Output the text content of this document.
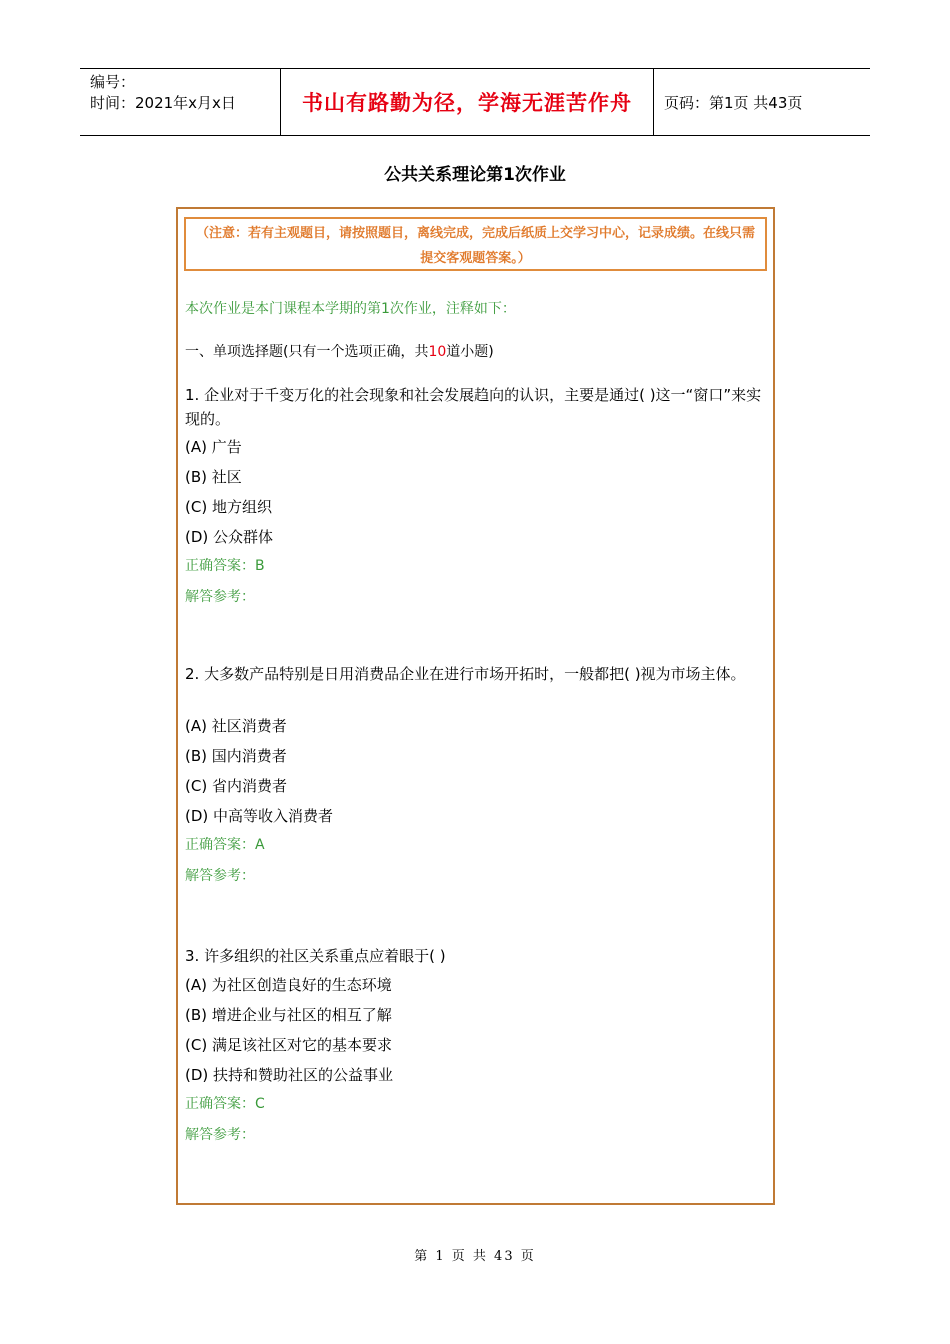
编号：
时间：2021年x月x日	书山有路勤为径，学海无涯苦作舟 页码：第1页 共43页
公共关系理论第1次作业
（注意：若有主观题目，请按照题目，离线完成，完成后纸质上交学习中心，记录成绩。在线只需提交客观题答案。）
本次作业是本门课程本学期的第1次作业，注释如下：
一、单项选择题(只有一个选项正确，共10道小题)
1. 企业对于千变万化的社会现象和社会发展趋向的认识，主要是通过( )这一“窗口”来实现的。
(A) 广告
(B) 社区
(C) 地方组织
(D) 公众群体
正确答案：B
解答参考：
2. 大多数产品特别是日用消费品企业在进行市场开拓时，一般都把( )视为市场主体。
(A) 社区消费者
(B) 国内消费者
(C) 省内消费者
(D) 中高等收入消费者
正确答案：A
解答参考：
3. 许多组织的社区关系重点应着眼于( )
(A) 为社区创造良好的生态环境
(B) 增进企业与社区的相互了解
(C) 满足该社区对它的基本要求
(D) 扶持和赞助社区的公益事业
正确答案：C
解答参考：
第 1 页 共 43 页
